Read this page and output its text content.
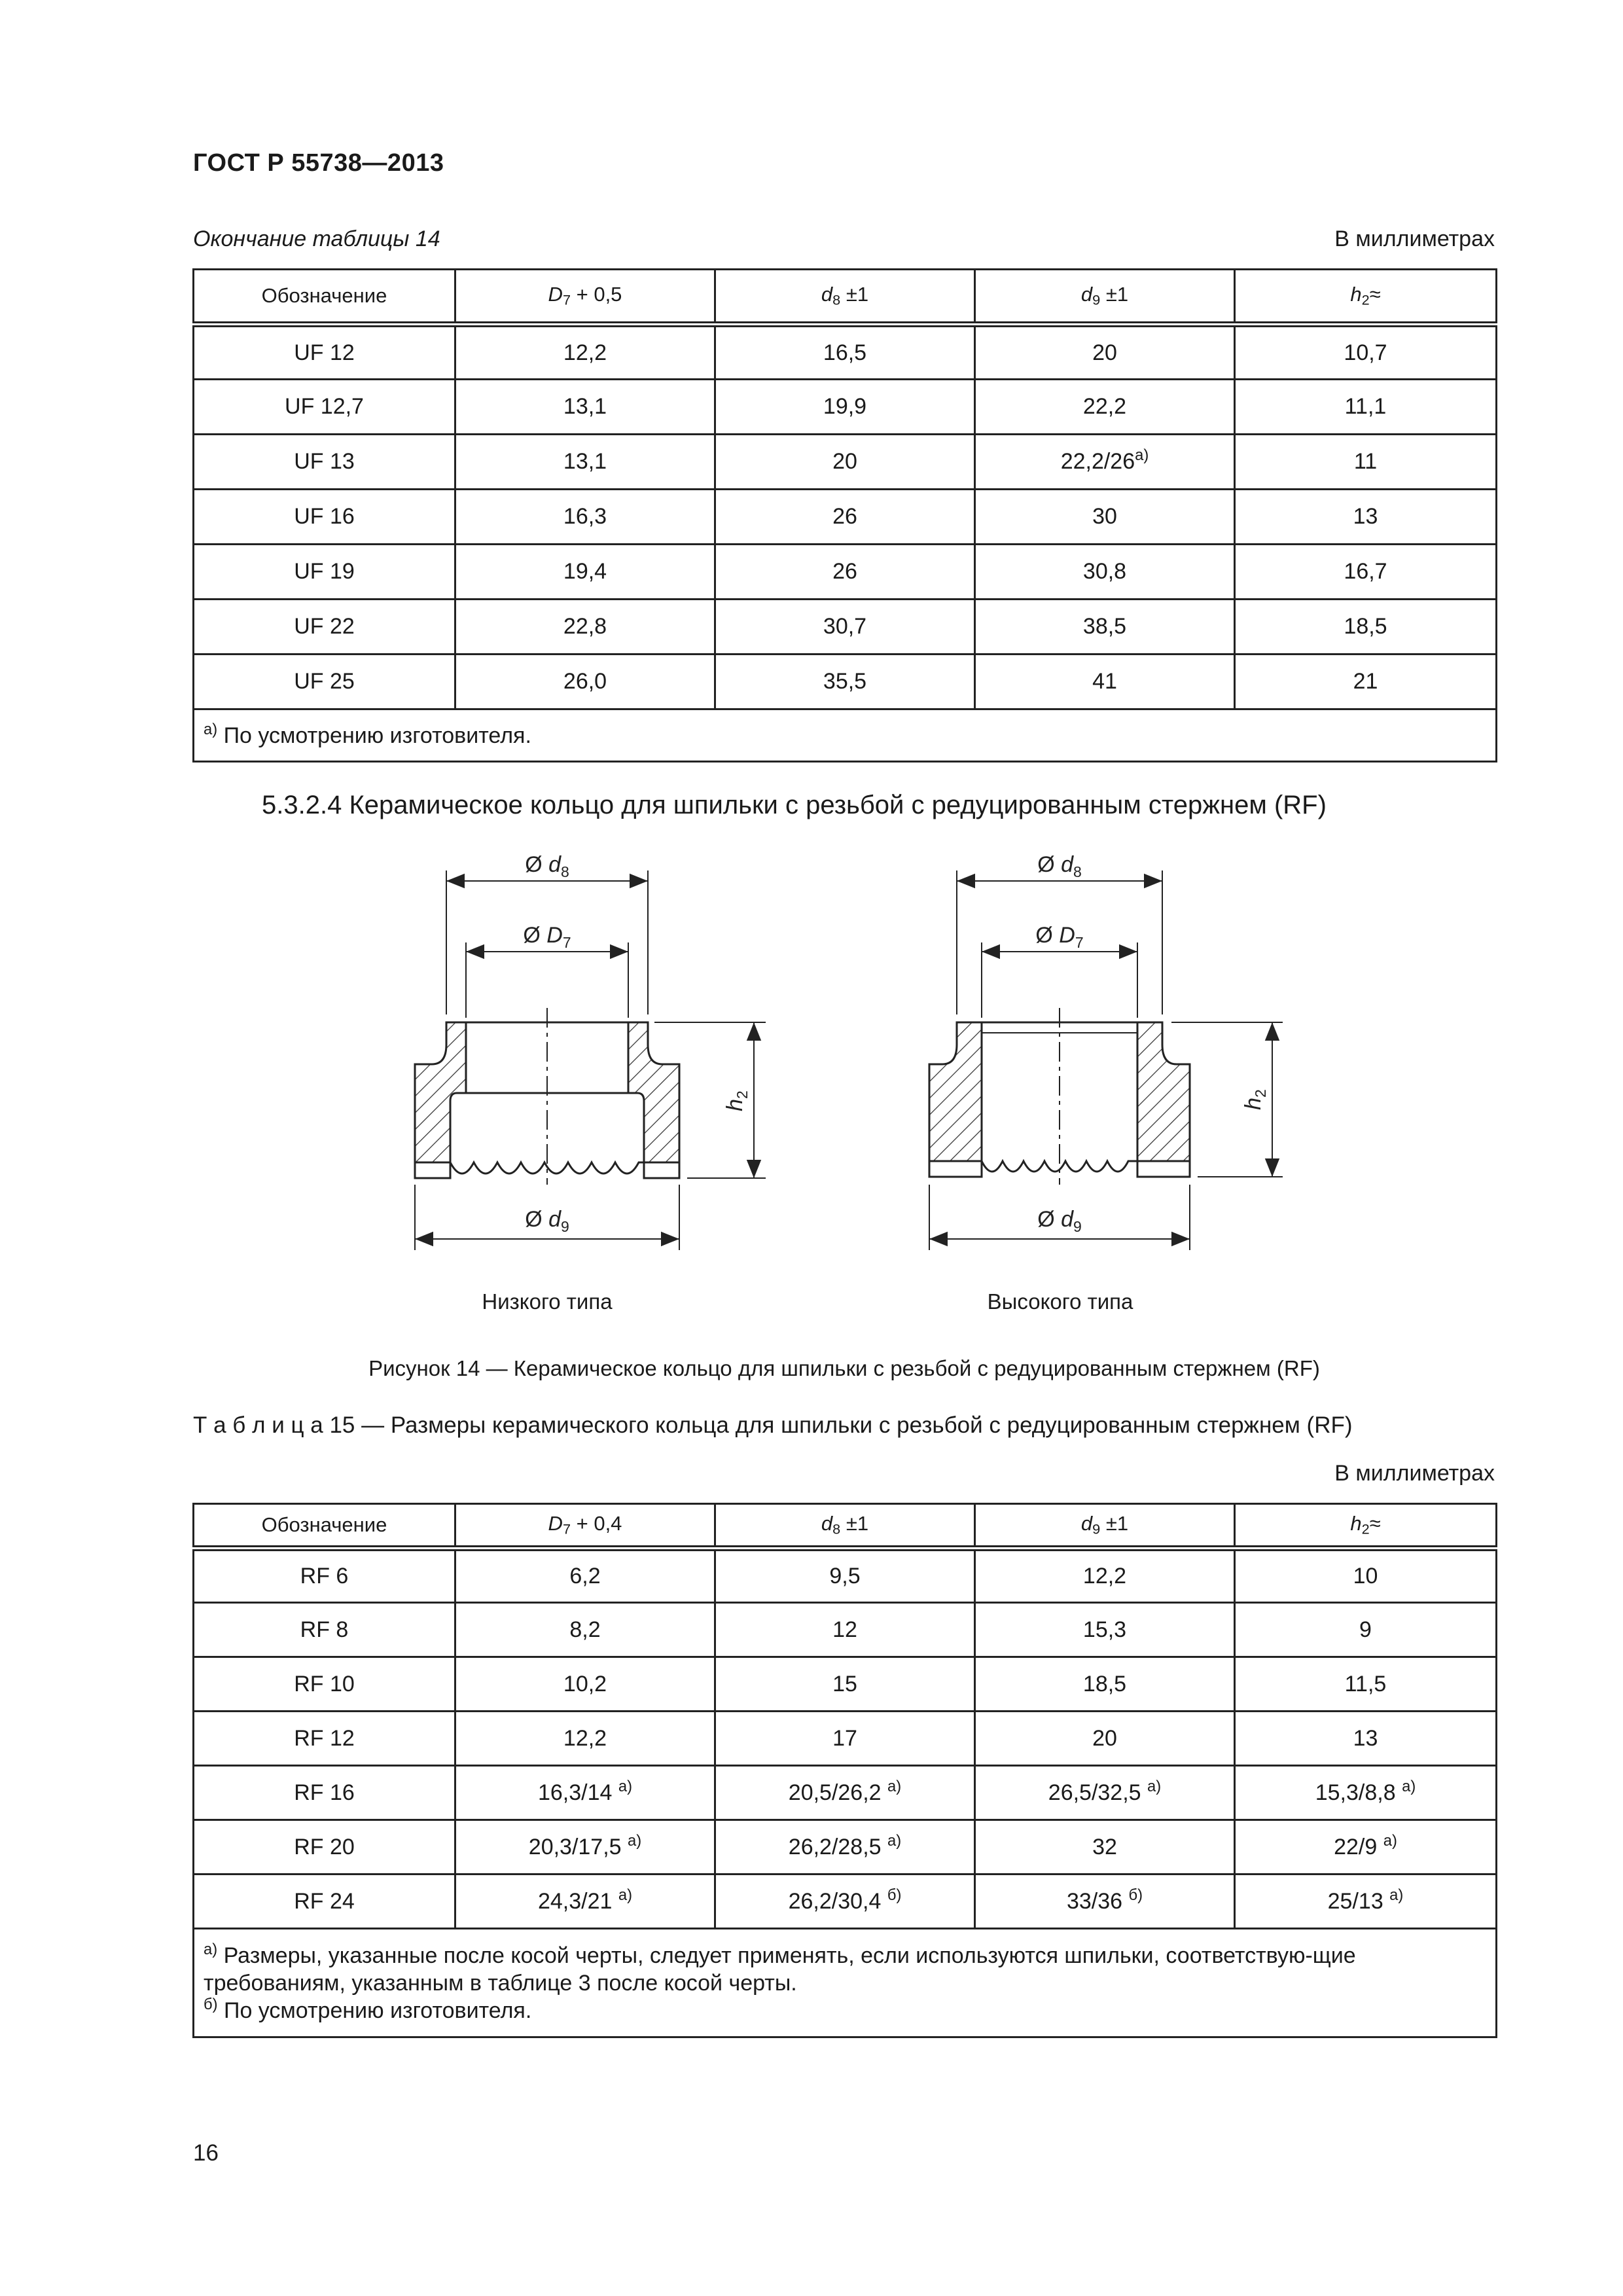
ГОСТ Р 55738—2013
Окончание таблицы 14	В миллиметрах
Обозначение	$D_7 + 0,5$	$d_8 \pm 1$	$d_9 \pm 1$	$h_2\approx$
UF 12	12,2	16,5	20	10,7
UF 12,7	13,1	19,9	22,2	11,1
UF 13	13,1	20	22,2/26$^{a)}$	11
UF 16	16,3	26	30	13
UF 19	19,4	26	30,8	16,7
UF 22	22,8	30,7	38,5	18,5
UF 25	26,0	35,5	41	21

$^{а)}$ По усмотрению изготовителя.				
5.3.2.4 Керамическое кольцо для шпильки с резьбой с редуцированным стержнем (RF)
Ø $d_8$
Ø $D_7$
Ø $d_9$
$h_2$
Ø $d_8$
Ø $D_7$
Ø $d_9$
$h_2$
Низкого типа	Высокого типа
Рисунок 14 — Керамическое кольцо для шпильки с резьбой с редуцированным стержнем (RF)
Т а б л и ц а 15 — Размеры керамического кольца для шпильки с резьбой с редуцированным стержнем (RF)
В миллиметрах
Обозначение	$D_7 + 0,4$	$d_8 \pm 1$	$d_9 \pm 1$	$h_2\approx$
RF 6	6,2	9,5	12,2	10
RF 8	8,2	12	15,3	9
RF 10	10,2	15	18,5	11,5
RF 12	12,2	17	20	13
RF 16	16,3/14 $^{а)}$	20,5/26,2 $^{а)}$	26,5/32,5 $^{а)}$	15,3/8,8 $^{а)}$
RF 20	20,3/17,5 $^{а)}$	26,2/28,5 $^{а)}$	32	22/9 $^{а)}$
RF 24	24,3/21 $^{а)}$	26,2/30,4 $^{б)}$	33/36 $^{б)}$	25/13 $^{а)}$

$^{а)}$ Размеры, указанные после косой черты, следует применять, если используются шпильки, соответствую-щие требованиям, указанным в таблице 3 после косой черты.
$^{б)}$ По усмотрению изготовителя.				
16
